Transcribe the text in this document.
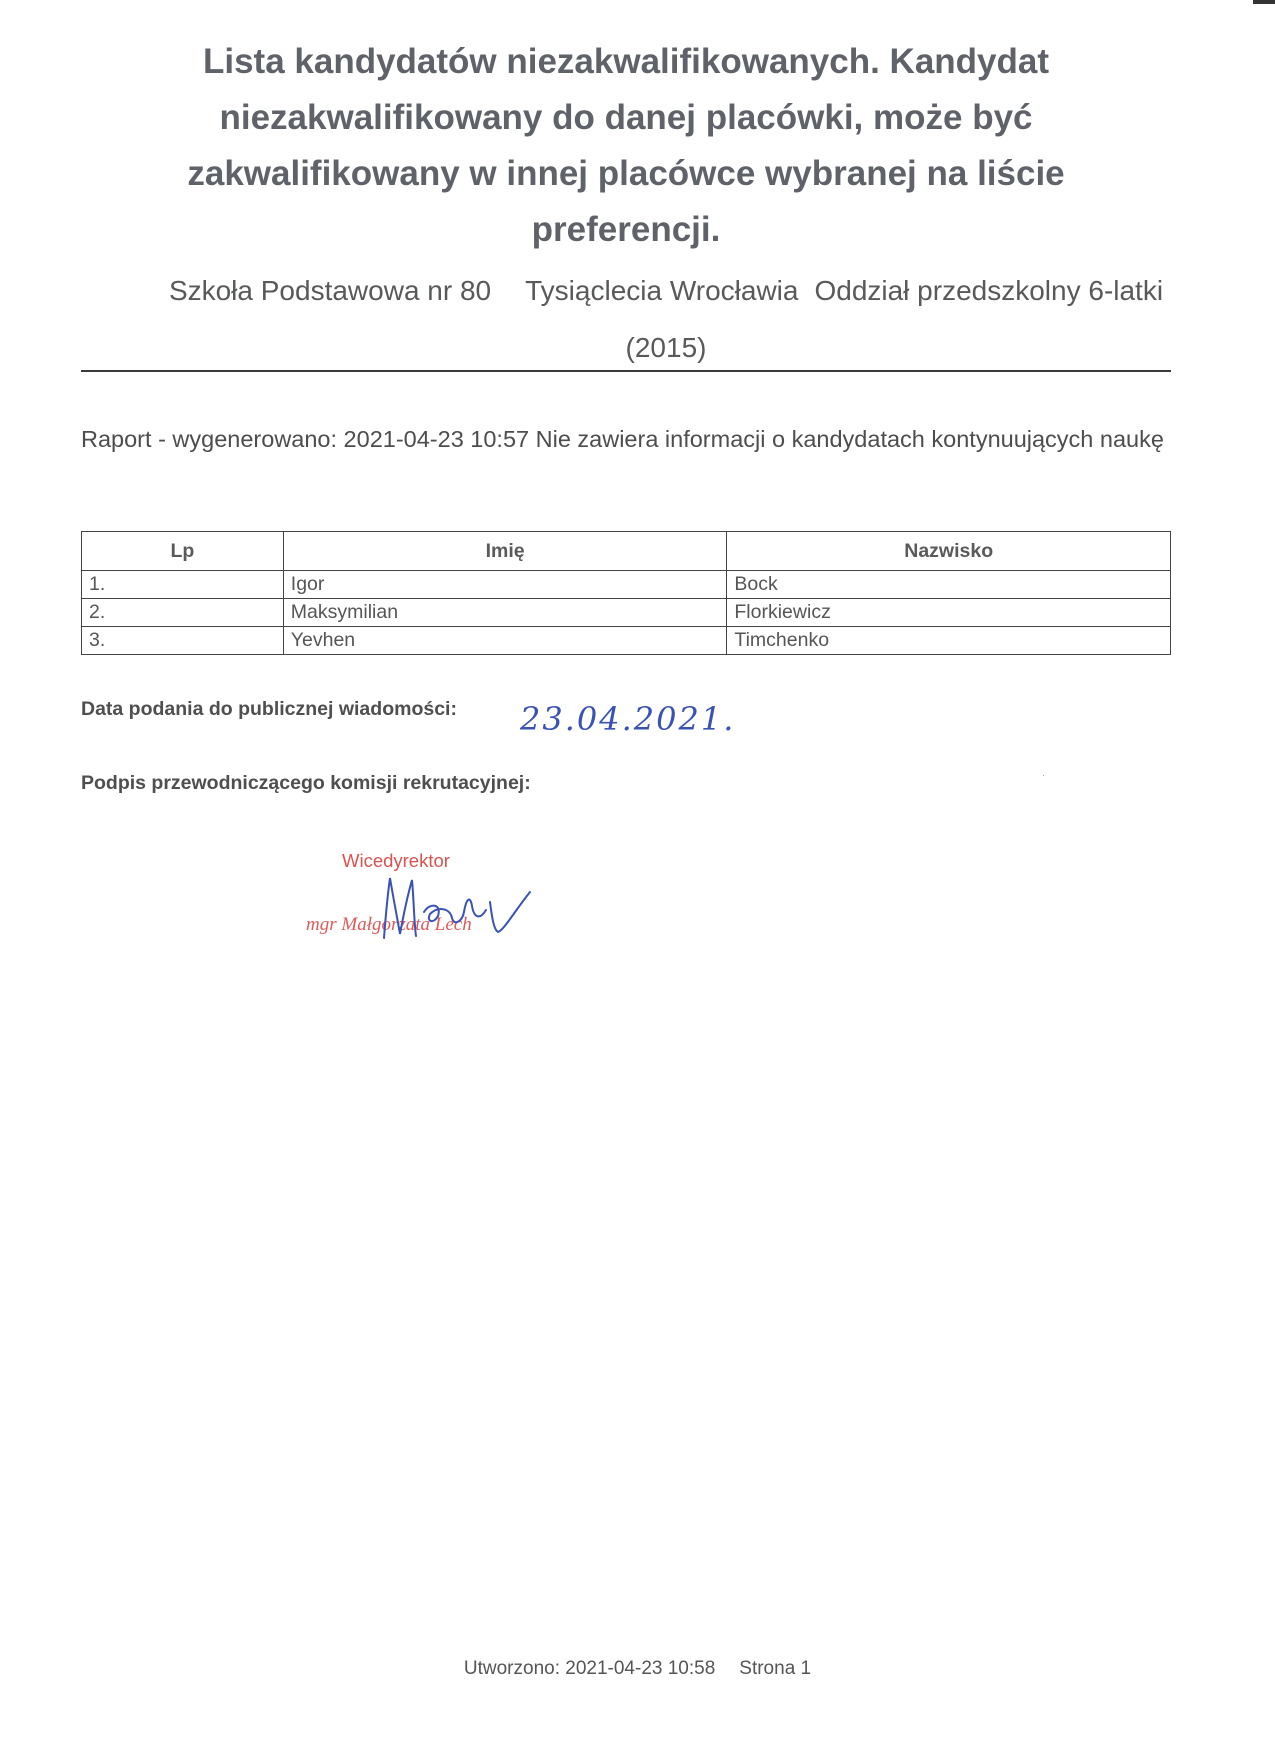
Lista kandydatów niezakwalifikowanych. Kandydat niezakwalifikowany do danej placówki, może być zakwalifikowany w innej placówce wybranej na liście preferencji.
Szkoła Podstawowa nr 80 Tysiąclecia Wrocławia Oddział przedszkolny 6-latki
(2015)
Raport - wygenerowano: 2021-04-23 10:57 Nie zawiera informacji o kandydatach kontynuujących naukę
Lp	Imię	Nazwisko
1.	Igor	Bock
2.	Maksymilian	Florkiewicz
3.	Yevhen	Timchenko
Data podania do publicznej wiadomości: 23.04.2021.
Podpis przewodniczącego komisji rekrutacyjnej:	·
Wicedyrektor
mgr Małgorzata Lech
Utworzono: 2021-04-23 10:58 Strona 1
